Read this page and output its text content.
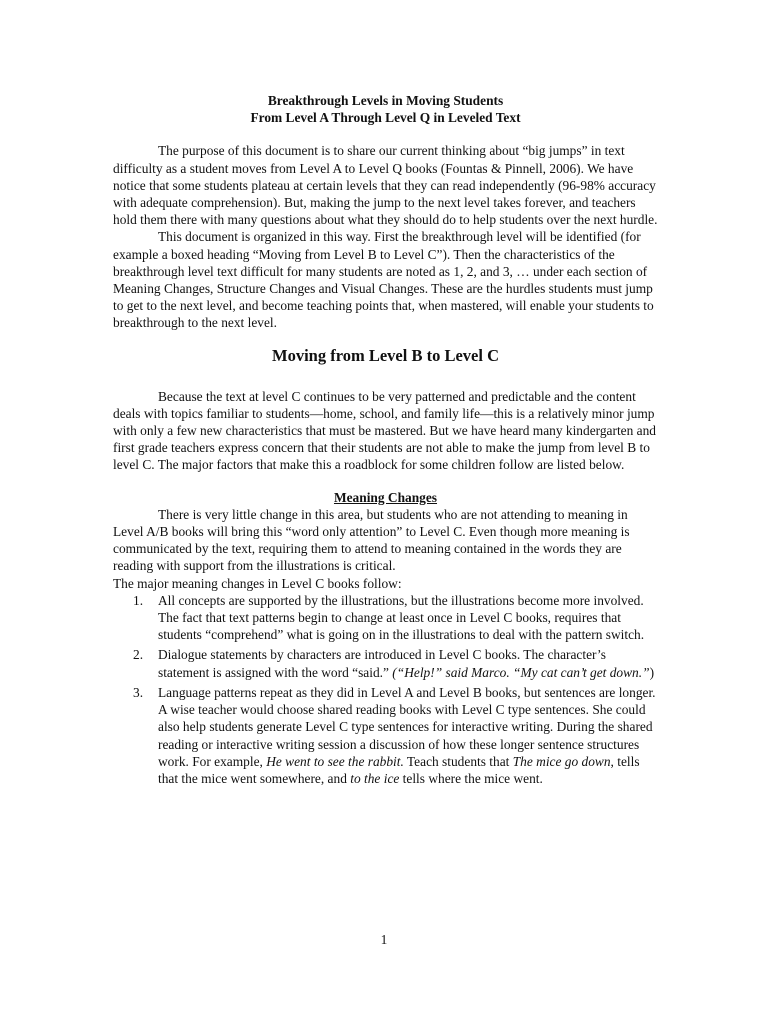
Breakthrough Levels in Moving Students

From Level A Through Level Q in Leveled Text

The purpose of this document is to share our current thinking about “big jumps” in text difficulty as a student moves from Level A to Level Q books (Fountas & Pinnell, 2006). We have notice that some students plateau at certain levels that they can read independently (96-98% accuracy with adequate comprehension). But, making the jump to the next level takes forever, and teachers hold them there with many questions about what they should do to help students over the next hurdle.

This document is organized in this way. First the breakthrough level will be identified (for example a boxed heading “Moving from Level B to Level C”). Then the characteristics of the breakthrough level text difficult for many students are noted as 1, 2, and 3, … under each section of Meaning Changes, Structure Changes and Visual Changes. These are the hurdles students must jump to get to the next level, and become teaching points that, when mastered, will enable your students to breakthrough to the next level.

Moving from Level B to Level C

Because the text at level C continues to be very patterned and predictable and the content deals with topics familiar to students—home, school, and family life—this is a relatively minor jump with only a few new characteristics that must be mastered. But we have heard many kindergarten and first grade teachers express concern that their students are not able to make the jump from level B to level C. The major factors that make this a roadblock for some children follow are listed below.

Meaning Changes

There is very little change in this area, but students who are not attending to meaning in Level A/B books will bring this “word only attention” to Level C. Even though more meaning is communicated by the text, requiring them to attend to meaning contained in the words they are reading with support from the illustrations is critical.

The major meaning changes in Level C books follow:

1. All concepts are supported by the illustrations, but the illustrations become more involved. The fact that text patterns begin to change at least once in Level C books, requires that students “comprehend” what is going on in the illustrations to deal with the pattern switch.
2. Dialogue statements by characters are introduced in Level C books. The character’s statement is assigned with the word “said.” (“Help!” said Marco. “My cat can’t get down.”)
3. Language patterns repeat as they did in Level A and Level B books, but sentences are longer. A wise teacher would choose shared reading books with Level C type sentences. She could also help students generate Level C type sentences for interactive writing. During the shared reading or interactive writing session a discussion of how these longer sentence structures work. For example, He went to see the rabbit. Teach students that The mice go down, tells that the mice went somewhere, and to the ice tells where the mice went.
1
